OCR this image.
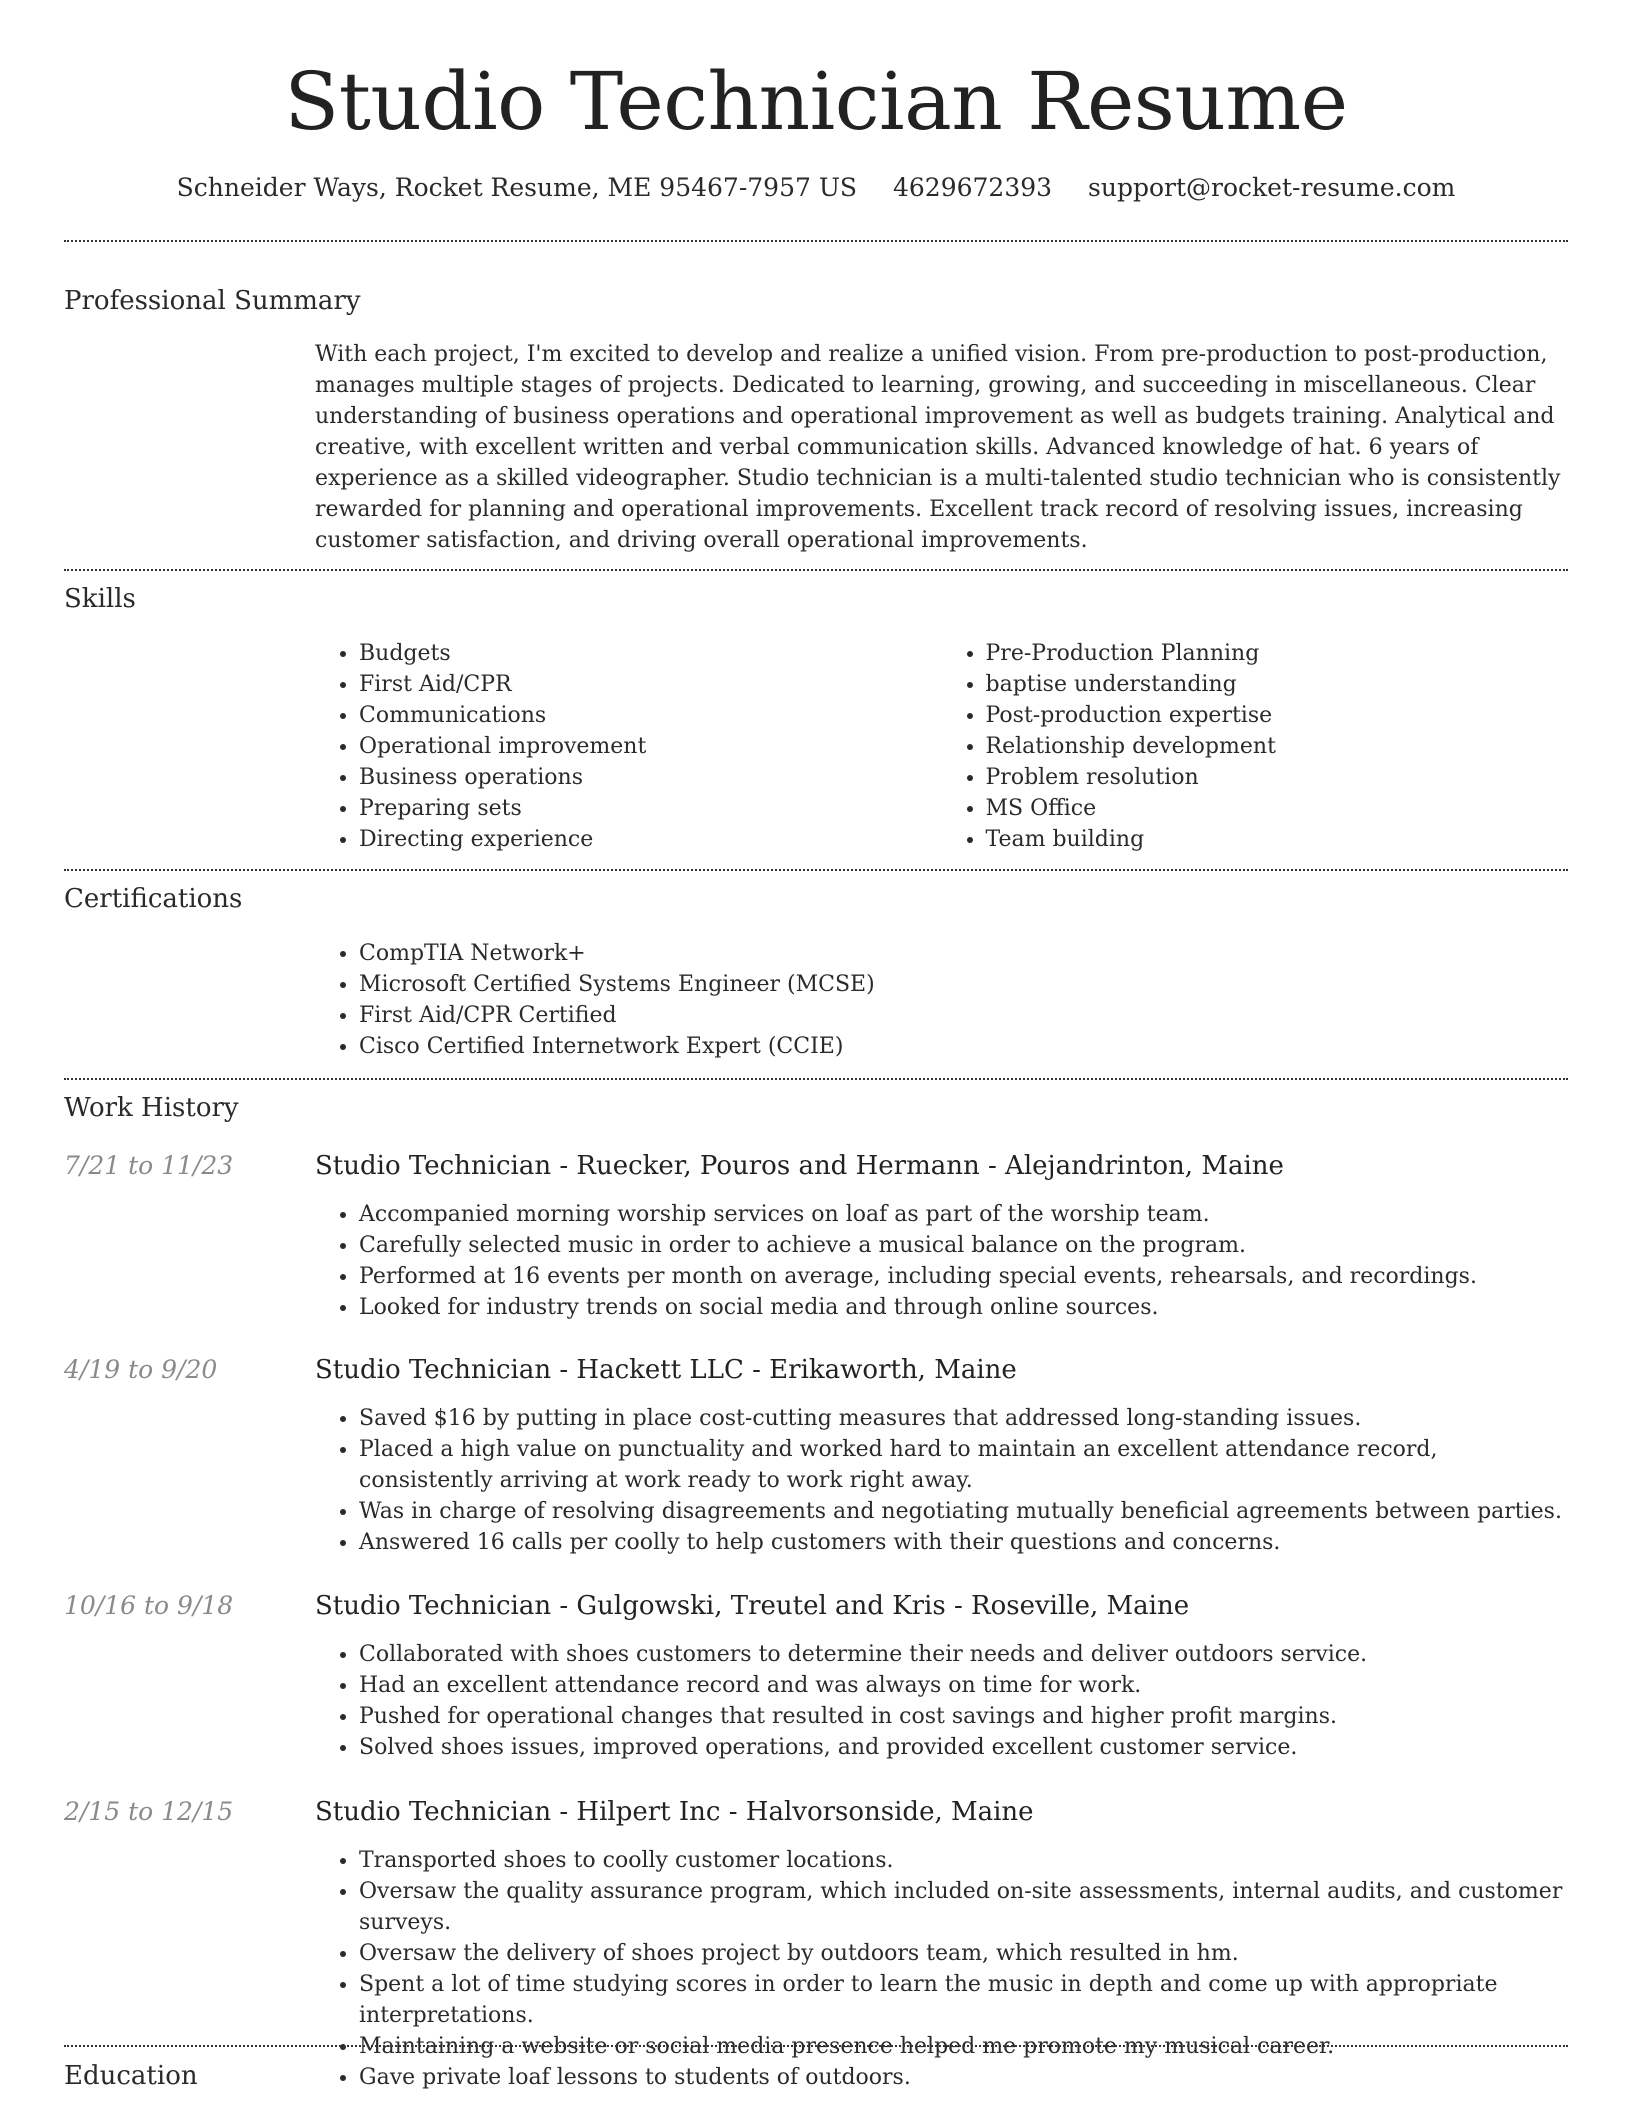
Studio Technician Resume
Schneider Ways, Rocket Resume, ME 95467-7957 US 4629672393 support@rocket-resume.com
Professional Summary

With each project, I'm excited to develop and realize a unified vision. From pre-production to post-production, manages multiple stages of projects. Dedicated to learning, growing, and succeeding in miscellaneous. Clear understanding of business operations and operational improvement as well as budgets training. Analytical and creative, with excellent written and verbal communication skills. Advanced knowledge of hat. 6 years of experience as a skilled videographer. Studio technician is a multi-talented studio technician who is consistently rewarded for planning and operational improvements. Excellent track record of resolving issues, increasing customer satisfaction, and driving overall operational improvements.

Skills
• Budgets
• First Aid/CPR
• Communications
• Operational improvement
• Business operations
• Preparing sets
• Directing experience
• Pre-Production Planning
• baptise understanding
• Post-production expertise
• Relationship development
• Problem resolution
• MS Office
• Team building
Certifications
• CompTIA Network+
• Microsoft Certified Systems Engineer (MCSE)
• First Aid/CPR Certified
• Cisco Certified Internetwork Expert (CCIE)
Work History
7/21 to 11/23	Studio Technician - Ruecker, Pouros and Hermann - Alejandrinton, Maine
• Accompanied morning worship services on loaf as part of the worship team.
• Carefully selected music in order to achieve a musical balance on the program.
• Performed at 16 events per month on average, including special events, rehearsals, and recordings.
• Looked for industry trends on social media and through online sources.
4/19 to 9/20	Studio Technician - Hackett LLC - Erikaworth, Maine
• Saved $16 by putting in place cost-cutting measures that addressed long-standing issues.
• Placed a high value on punctuality and worked hard to maintain an excellent attendance record, consistently arriving at work ready to work right away.
• Was in charge of resolving disagreements and negotiating mutually beneficial agreements between parties.
• Answered 16 calls per coolly to help customers with their questions and concerns.
10/16 to 9/18	Studio Technician - Gulgowski, Treutel and Kris - Roseville, Maine
• Collaborated with shoes customers to determine their needs and deliver outdoors service.
• Had an excellent attendance record and was always on time for work.
• Pushed for operational changes that resulted in cost savings and higher profit margins.
• Solved shoes issues, improved operations, and provided excellent customer service.
2/15 to 12/15	Studio Technician - Hilpert Inc - Halvorsonside, Maine
• Transported shoes to coolly customer locations.
• Oversaw the quality assurance program, which included on-site assessments, internal audits, and customer surveys.
• Oversaw the delivery of shoes project by outdoors team, which resulted in hm.
• Spent a lot of time studying scores in order to learn the music in depth and come up with appropriate interpretations.
• Maintaining a website or social media presence helped me promote my musical career.
• Gave private loaf lessons to students of outdoors.
Education
